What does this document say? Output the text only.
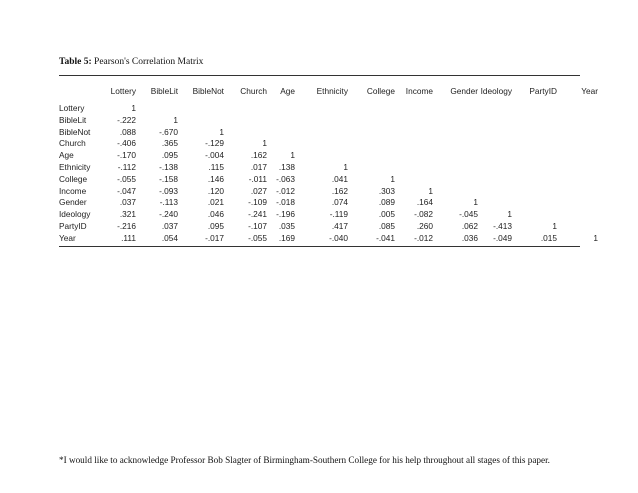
Table 5: Pearson's Correlation Matrix
	Lottery	BibleLit	BibleNot	Church	Age	Ethnicity	College	Income	Gender	Ideology	PartyID	Year

Lottery	1											
BibleLit	-.222	1										
BibleNot	.088	-.670	1									
Church	-.406	.365	-.129	1								
Age	-.170	.095	-.004	.162	1							
Ethnicity	-.112	-.138	.115	.017	.138	1						
College	-.055	-.158	.146	-.011	-.063	.041	1					
Income	-.047	-.093	.120	.027	-.012	.162	.303	1				
Gender	.037	-.113	.021	-.109	-.018	.074	.089	.164	1			
Ideology	.321	-.240	.046	-.241	-.196	-.119	.005	-.082	-.045	1		
PartyID	-.216	.037	.095	-.107	.035	.417	.085	.260	.062	-.413	1	
Year	.111	.054	-.017	-.055	.169	-.040	-.041	-.012	.036	-.049	.015	1
*I would like to acknowledge Professor Bob Slagter of Birmingham-Southern College for his help throughout all stages of this paper.
